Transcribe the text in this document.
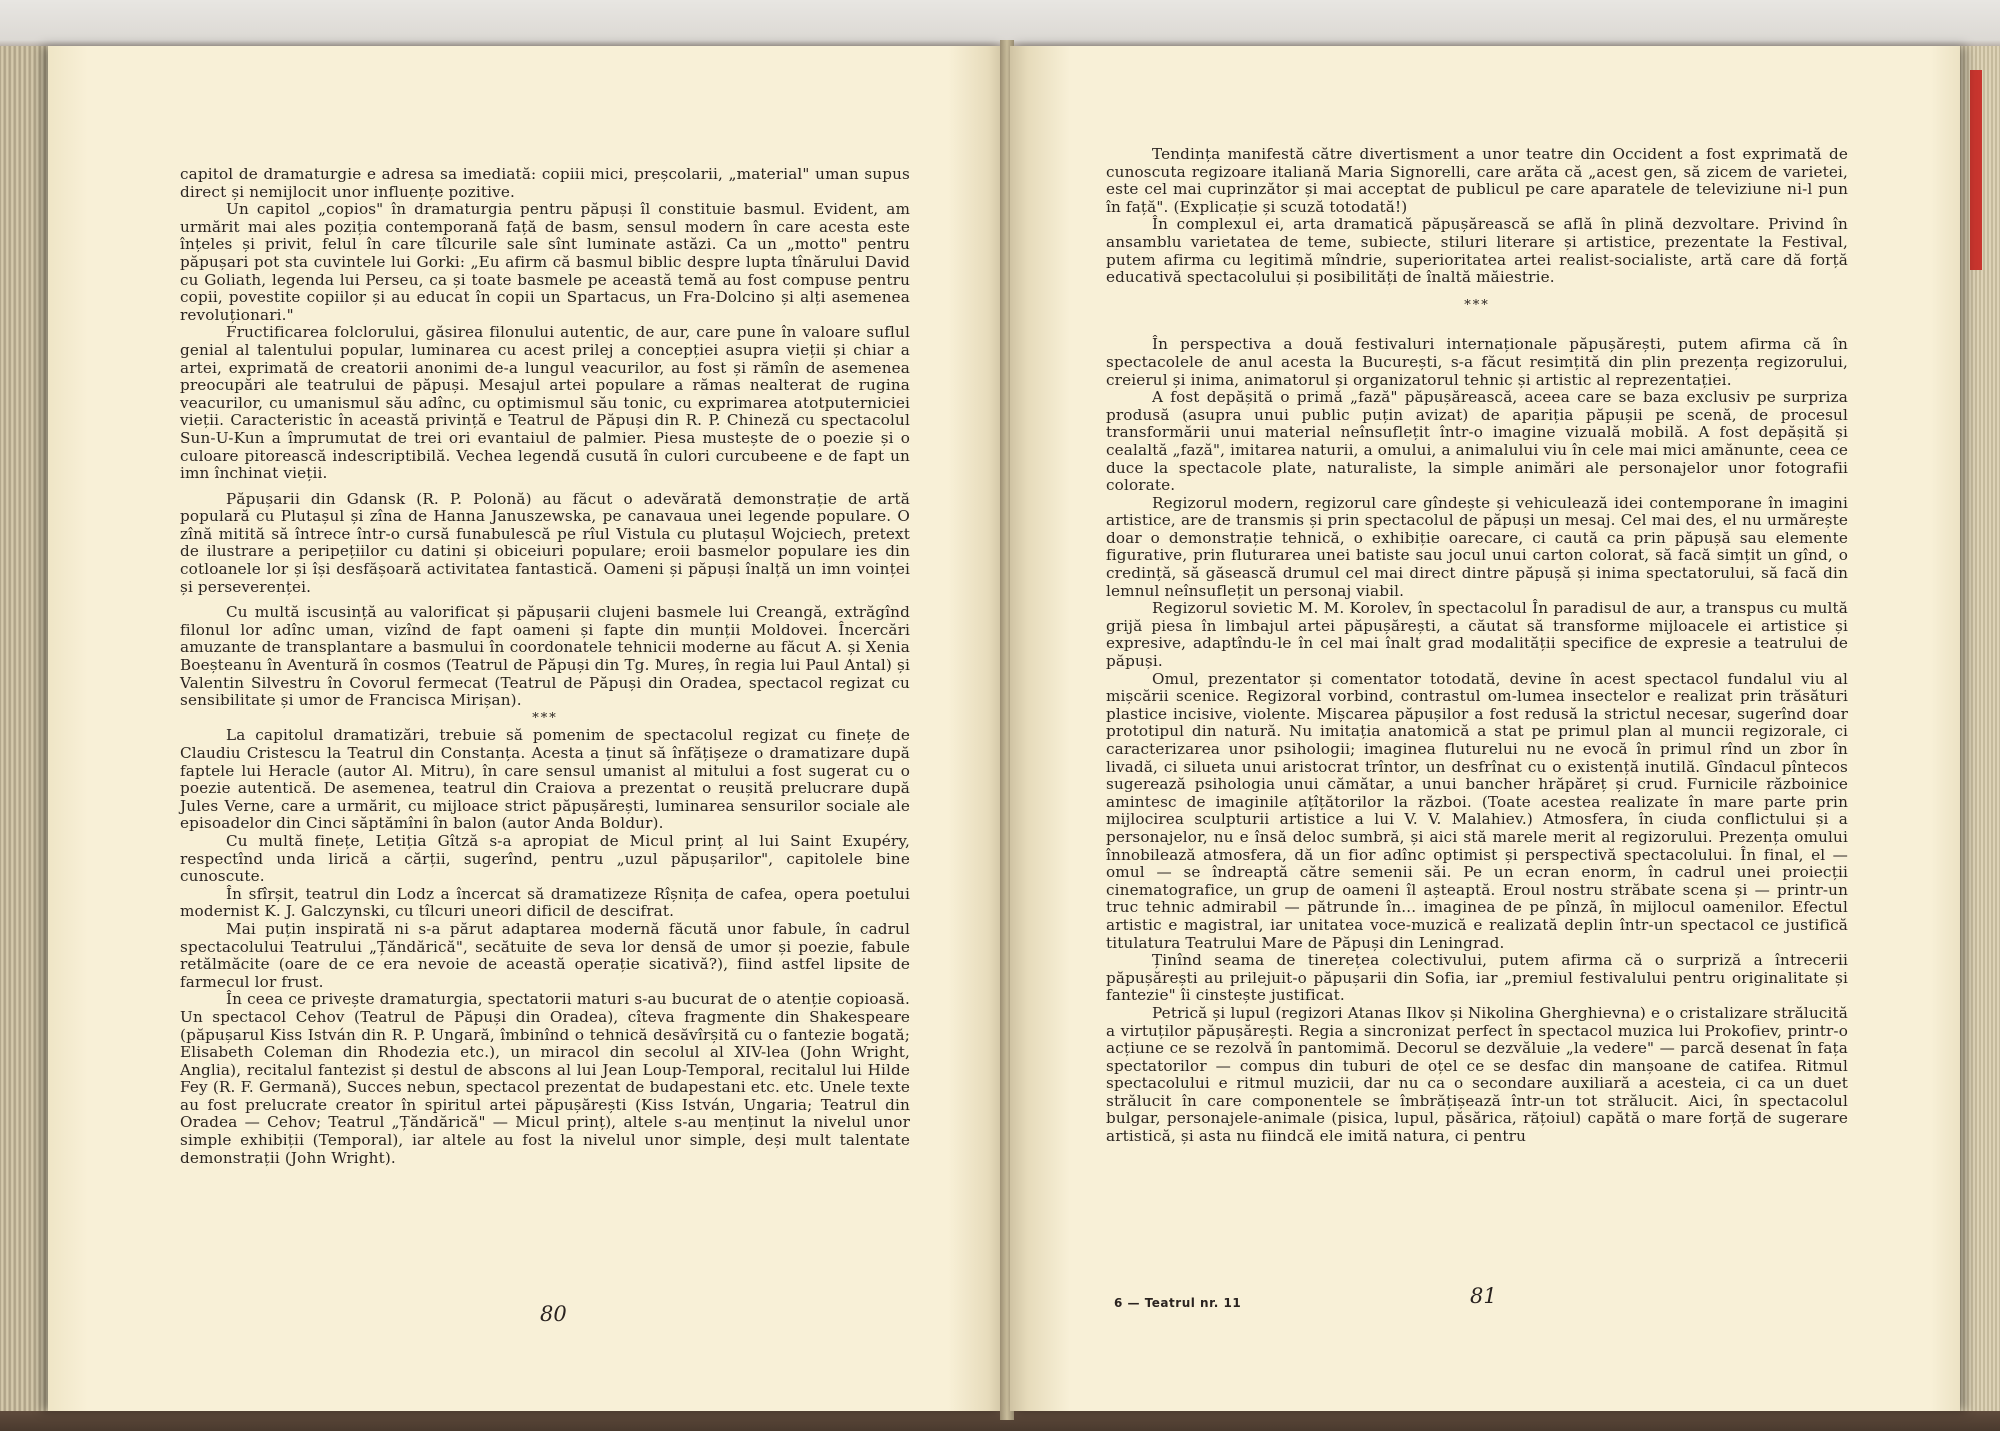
capitol de dramaturgie e adresa sa imediată: copiii mici, preșcolarii, „material" uman supus direct și nemijlocit unor influențe pozitive.

Un capitol „copios" în dramaturgia pentru păpuși îl constituie basmul. Evident, am urmărit mai ales poziția contemporană față de basm, sensul modern în care acesta este înțeles și privit, felul în care tîlcurile sale sînt luminate astăzi. Ca un „motto" pentru păpușari pot sta cuvintele lui Gorki: „Eu afirm că basmul biblic despre lupta tînărului David cu Goliath, legenda lui Perseu, ca și toate basmele pe această temă au fost compuse pentru copii, povestite copiilor și au educat în copii un Spartacus, un Fra-Dolcino și alți asemenea revoluționari."

Fructificarea folclorului, găsirea filonului autentic, de aur, care pune în valoare suflul genial al talentului popular, luminarea cu acest prilej a concepției asupra vieții și chiar a artei, exprimată de creatorii anonimi de-a lungul veacurilor, au fost și rămîn de asemenea preocupări ale teatrului de păpuși. Mesajul artei populare a rămas nealterat de rugina veacurilor, cu umanismul său adînc, cu optimismul său tonic, cu exprimarea atotputerniciei vieții. Caracteristic în această privință e Teatrul de Păpuși din R. P. Chineză cu spectacolul Sun-U-Kun a împrumutat de trei ori evantaiul de palmier. Piesa mustește de o poezie și o culoare pitorească indescriptibilă. Vechea legendă cusută în culori curcubeene e de fapt un imn închinat vieții.

Păpușarii din Gdansk (R. P. Polonă) au făcut o adevărată demonstrație de artă populară cu Plutașul și zîna de Hanna Januszewska, pe canavaua unei legende populare. O zînă mitită să întrece într-o cursă funabulescă pe rîul Vistula cu plutașul Wojciech, pretext de ilustrare a peripețiilor cu datini și obiceiuri populare; eroii basmelor populare ies din cotloanele lor și își desfășoară activitatea fantastică. Oameni și păpuși înalță un imn voinței și perseverenței.

Cu multă iscusință au valorificat și păpușarii clujeni basmele lui Creangă, extrăgînd filonul lor adînc uman, vizînd de fapt oameni și fapte din munții Moldovei. Încercări amuzante de transplantare a basmului în coordonatele tehnicii moderne au făcut A. și Xenia Boeșteanu în Aventură în cosmos (Teatrul de Păpuși din Tg. Mureș, în regia lui Paul Antal) și Valentin Silvestru în Covorul fermecat (Teatrul de Păpuși din Oradea, spectacol regizat cu sensibilitate și umor de Francisca Mirișan).

***

La capitolul dramatizări, trebuie să pomenim de spectacolul regizat cu finețe de Claudiu Cristescu la Teatrul din Constanța. Acesta a ținut să înfățișeze o dramatizare după faptele lui Heracle (autor Al. Mitru), în care sensul umanist al mitului a fost sugerat cu o poezie autentică. De asemenea, teatrul din Craiova a prezentat o reușită prelucrare după Jules Verne, care a urmărit, cu mijloace strict păpușărești, luminarea sensurilor sociale ale episoadelor din Cinci săptămîni în balon (autor Anda Boldur).

Cu multă finețe, Letiția Gîtză s-a apropiat de Micul prinț al lui Saint Exupéry, respectînd unda lirică a cărții, sugerînd, pentru „uzul păpușarilor", capitolele bine cunoscute.

În sfîrșit, teatrul din Lodz a încercat să dramatizeze Rîșnița de cafea, opera poetului modernist K. J. Galczynski, cu tîlcuri uneori dificil de descifrat.

Mai puțin inspirată ni s-a părut adaptarea modernă făcută unor fabule, în cadrul spectacolului Teatrului „Țăndărică", secătuite de seva lor densă de umor și poezie, fabule retălmăcite (oare de ce era nevoie de această operație sicativă?), fiind astfel lipsite de farmecul lor frust.

În ceea ce privește dramaturgia, spectatorii maturi s-au bucurat de o atenție copioasă. Un spectacol Cehov (Teatrul de Păpuși din Oradea), cîteva fragmente din Shakespeare (păpușarul Kiss István din R. P. Ungară, îmbinînd o tehnică desăvîrșită cu o fantezie bogată; Elisabeth Coleman din Rhodezia etc.), un miracol din secolul al XIV-lea (John Wright, Anglia), recitalul fantezist și destul de abscons al lui Jean Loup-Temporal, recitalul lui Hilde Fey (R. F. Germană), Succes nebun, spectacol prezentat de budapestani etc. etc. Unele texte au fost prelucrate creator în spiritul artei păpușărești (Kiss István, Ungaria; Teatrul din Oradea — Cehov; Teatrul „Țăndărică" — Micul prinț), altele s-au menținut la nivelul unor simple exhibiții (Temporal), iar altele au fost la nivelul unor simple, deși mult talentate demonstrații (John Wright).

80

Tendința manifestă către divertisment a unor teatre din Occident a fost exprimată de cunoscuta regizoare italiană Maria Signorelli, care arăta că „acest gen, să zicem de varietei, este cel mai cuprinzător și mai acceptat de publicul pe care aparatele de televiziune ni-l pun în față". (Explicație și scuză totodată!)

În complexul ei, arta dramatică păpușărească se află în plină dezvoltare. Privind în ansamblu varietatea de teme, subiecte, stiluri literare și artistice, prezentate la Festival, putem afirma cu legitimă mîndrie, superioritatea artei realist-socialiste, artă care dă forță educativă spectacolului și posibilități de înaltă măiestrie.

***

În perspectiva a două festivaluri internaționale păpușărești, putem afirma că în spectacolele de anul acesta la București, s-a făcut resimțită din plin prezența regizorului, creierul și inima, animatorul și organizatorul tehnic și artistic al reprezentației.

A fost depășită o primă „fază" păpușărească, aceea care se baza exclusiv pe surpriza produsă (asupra unui public puțin avizat) de apariția păpușii pe scenă, de procesul transformării unui material neînsuflețit într-o imagine vizuală mobilă. A fost depășită și cealaltă „fază", imitarea naturii, a omului, a animalului viu în cele mai mici amănunte, ceea ce duce la spectacole plate, naturaliste, la simple animări ale personajelor unor fotografii colorate.

Regizorul modern, regizorul care gîndește și vehiculează idei contemporane în imagini artistice, are de transmis și prin spectacolul de păpuși un mesaj. Cel mai des, el nu urmărește doar o demonstrație tehnică, o exhibiție oarecare, ci caută ca prin păpușă sau elemente figurative, prin fluturarea unei batiste sau jocul unui carton colorat, să facă simțit un gînd, o credință, să găsească drumul cel mai direct dintre păpușă și inima spectatorului, să facă din lemnul neînsuflețit un personaj viabil.

Regizorul sovietic M. M. Korolev, în spectacolul În paradisul de aur, a transpus cu multă grijă piesa în limbajul artei păpușărești, a căutat să transforme mijloacele ei artistice și expresive, adaptîndu-le în cel mai înalt grad modalității specifice de expresie a teatrului de păpuși.

Omul, prezentator și comentator totodată, devine în acest spectacol fundalul viu al mișcării scenice. Regizoral vorbind, contrastul om-lumea insectelor e realizat prin trăsături plastice incisive, violente. Mișcarea păpușilor a fost redusă la strictul necesar, sugerînd doar prototipul din natură. Nu imitația anatomică a stat pe primul plan al muncii regizorale, ci caracterizarea unor psihologii; imaginea fluturelui nu ne evocă în primul rînd un zbor în livadă, ci silueta unui aristocrat trîntor, un desfrînat cu o existență inutilă. Gîndacul pîntecos sugerează psihologia unui cămătar, a unui bancher hrăpăreț și crud. Furnicile războinice amintesc de imaginile ațîțătorilor la război. (Toate acestea realizate în mare parte prin mijlocirea sculpturii artistice a lui V. V. Malahiev.) Atmosfera, în ciuda conflictului și a personajelor, nu e însă deloc sumbră, și aici stă marele merit al regizorului. Prezența omului înnobilează atmosfera, dă un fior adînc optimist și perspectivă spectacolului. În final, el — omul — se îndreaptă către semenii săi. Pe un ecran enorm, în cadrul unei proiecții cinematografice, un grup de oameni îl așteaptă. Eroul nostru străbate scena și — printr-un truc tehnic admirabil — pătrunde în... imaginea de pe pînză, în mijlocul oamenilor. Efectul artistic e magistral, iar unitatea voce-muzică e realizată deplin într-un spectacol ce justifică titulatura Teatrului Mare de Păpuși din Leningrad.

Ținînd seama de tinerețea colectivului, putem afirma că o surpriză a întrecerii păpușărești au prilejuit-o păpușarii din Sofia, iar „premiul festivalului pentru originalitate și fantezie" îi cinstește justificat.

Petrică și lupul (regizori Atanas Ilkov și Nikolina Gherghievna) e o cristalizare strălucită a virtuților păpușărești. Regia a sincronizat perfect în spectacol muzica lui Prokofiev, printr-o acțiune ce se rezolvă în pantomimă. Decorul se dezvăluie „la vedere" — parcă desenat în fața spectatorilor — compus din tuburi de oțel ce se desfac din manșoane de catifea. Ritmul spectacolului e ritmul muzicii, dar nu ca o secondare auxiliară a acesteia, ci ca un duet strălucit în care componentele se îmbrățișează într-un tot strălucit. Aici, în spectacolul bulgar, personajele-animale (pisica, lupul, păsărica, rățoiul) capătă o mare forță de sugerare artistică, și asta nu fiindcă ele imită natura, ci pentru

6 — Teatrul nr. 11	81
